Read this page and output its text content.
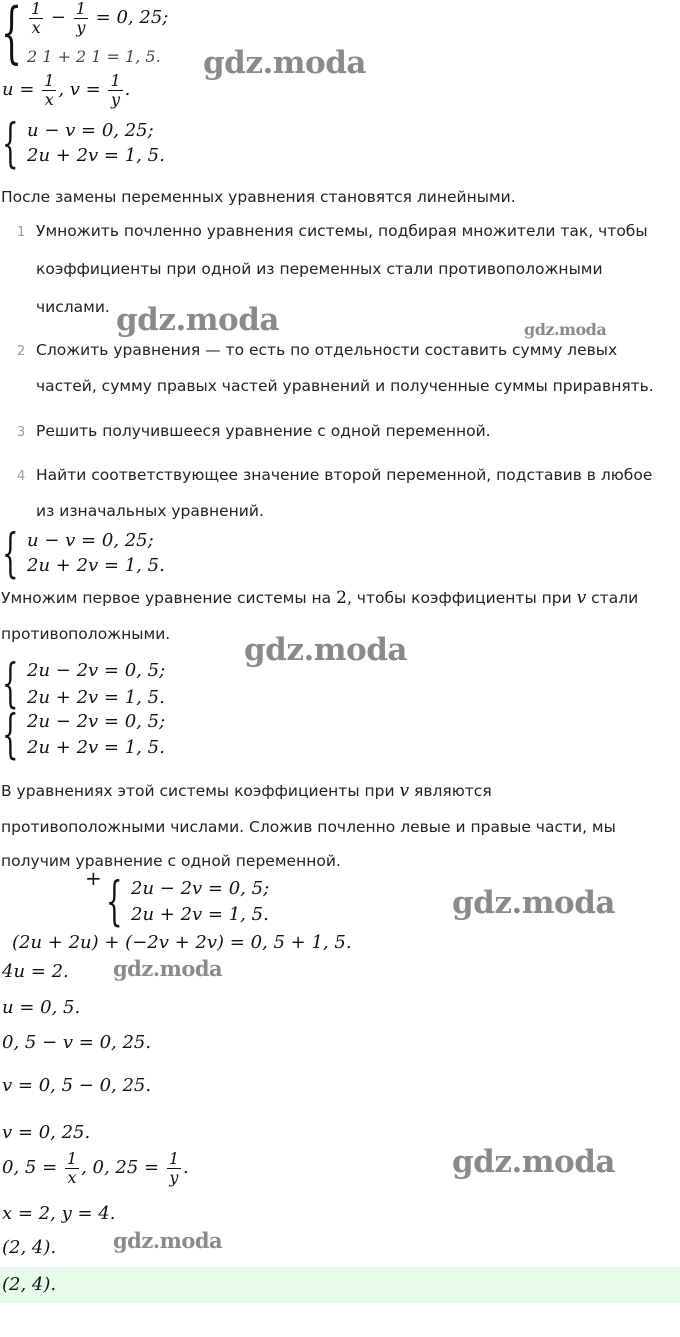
{ $\frac{1}{x} - \frac{1}{y} = 0$, 25;
2 1 + 2 1 = 1, 5. gdz.moda
$u = \frac{1}{x}$ , $v = \frac{1}{y}$ .
{ u − v = 0, 25;
2u + 2v = 1, 5.
После замены переменных уравнения становятся линейными.
1 Умножить почленно уравнения системы, подбирая множители так, чтобы
коэффициенты при одной из переменных стали противоположными
числами. gdz.moda	gdz.moda
2 Сложить уравнения — то есть по отдельности составить сумму левых
частей, сумму правых частей уравнений и полученные суммы приравнять.
3 Решить получившееся уравнение с одной переменной.
4 Найти соответствующее значение второй переменной, подставив в любое
из изначальных уравнений.
{ u − v = 0, 25;
2u + 2v = 1, 5.
Умножим первое уравнение системы на 2, чтобы коэффициенты при v стали
противоположными. gdz.moda
{ 2u − 2v = 0, 5;
2u + 2v = 1, 5.
{ 2u − 2v = 0, 5;
2u + 2v = 1, 5.
В уравнениях этой системы коэффициенты при v являются
противоположными числами. Сложив почленно левые и правые части, мы
получим уравнение с одной переменной.
+ { 2u − 2v = 0, 5;
2u + 2v = 1, 5.	gdz.moda
(2u + 2u) + (−2v + 2v) = 0, 5 + 1, 5.
4u = 2. gdz.moda
u = 0, 5.
0, 5 − v = 0, 25.
v = 0, 5 − 0, 25.
v = 0, 25.
0, $5 = \frac{1}{x}$ , 0, $25 = \frac{1}{y}$ .	gdz.moda
x = 2, y = 4.
(2, 4).	gdz.moda
(2, 4).
